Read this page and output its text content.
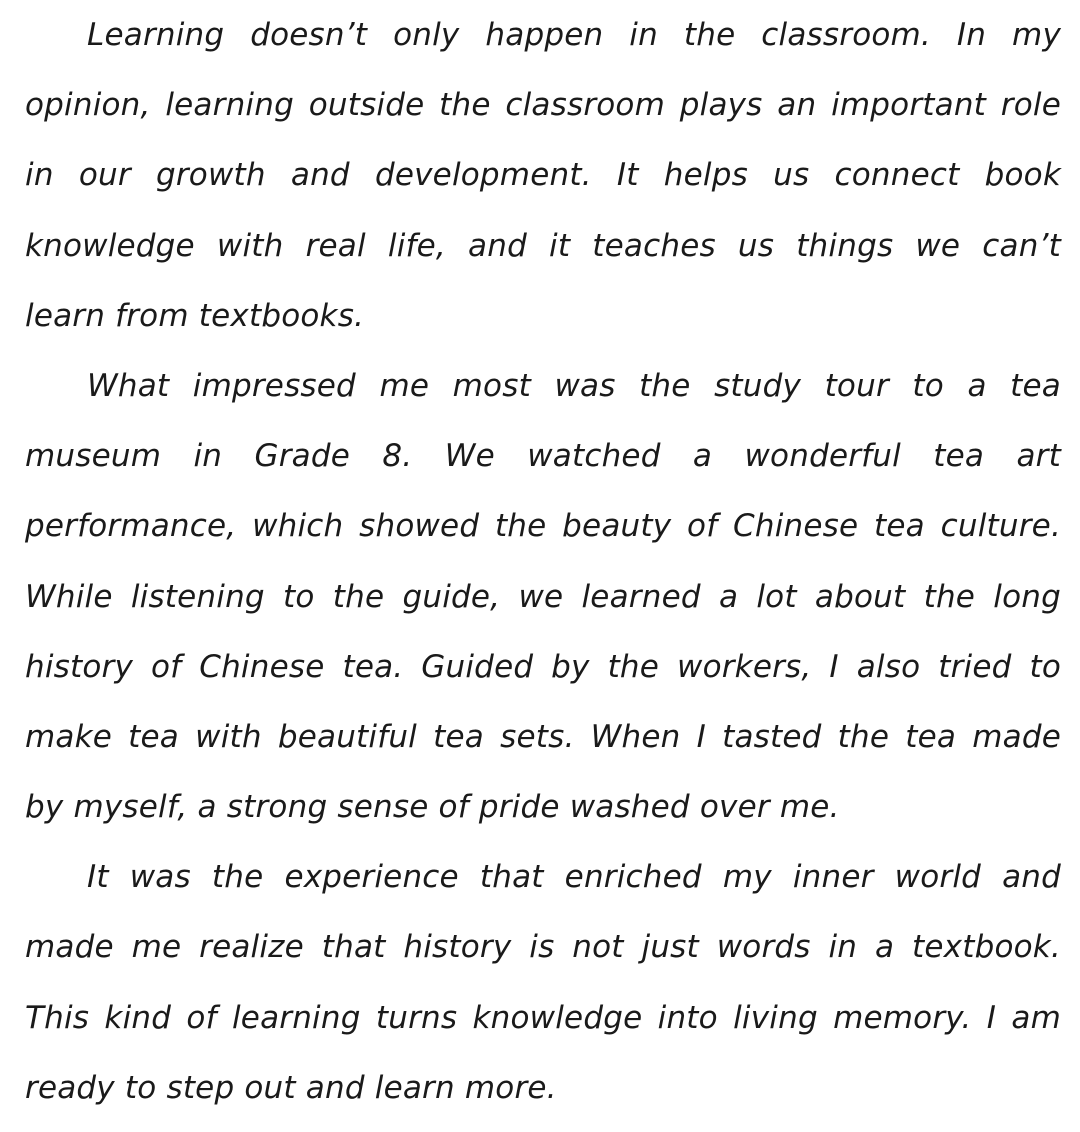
Learning doesn’t only happen in the classroom. In my
opinion, learning outside the classroom plays an important role
in our growth and development. It helps us connect book
knowledge with real life, and it teaches us things we can’t
learn from textbooks.
What impressed me most was the study tour to a tea
museum in Grade 8. We watched a wonderful tea art
performance, which showed the beauty of Chinese tea culture.
While listening to the guide, we learned a lot about the long
history of Chinese tea. Guided by the workers, I also tried to
make tea with beautiful tea sets. When I tasted the tea made
by myself, a strong sense of pride washed over me.
It was the experience that enriched my inner world and
made me realize that history is not just words in a textbook.
This kind of learning turns knowledge into living memory. I am
ready to step out and learn more.
